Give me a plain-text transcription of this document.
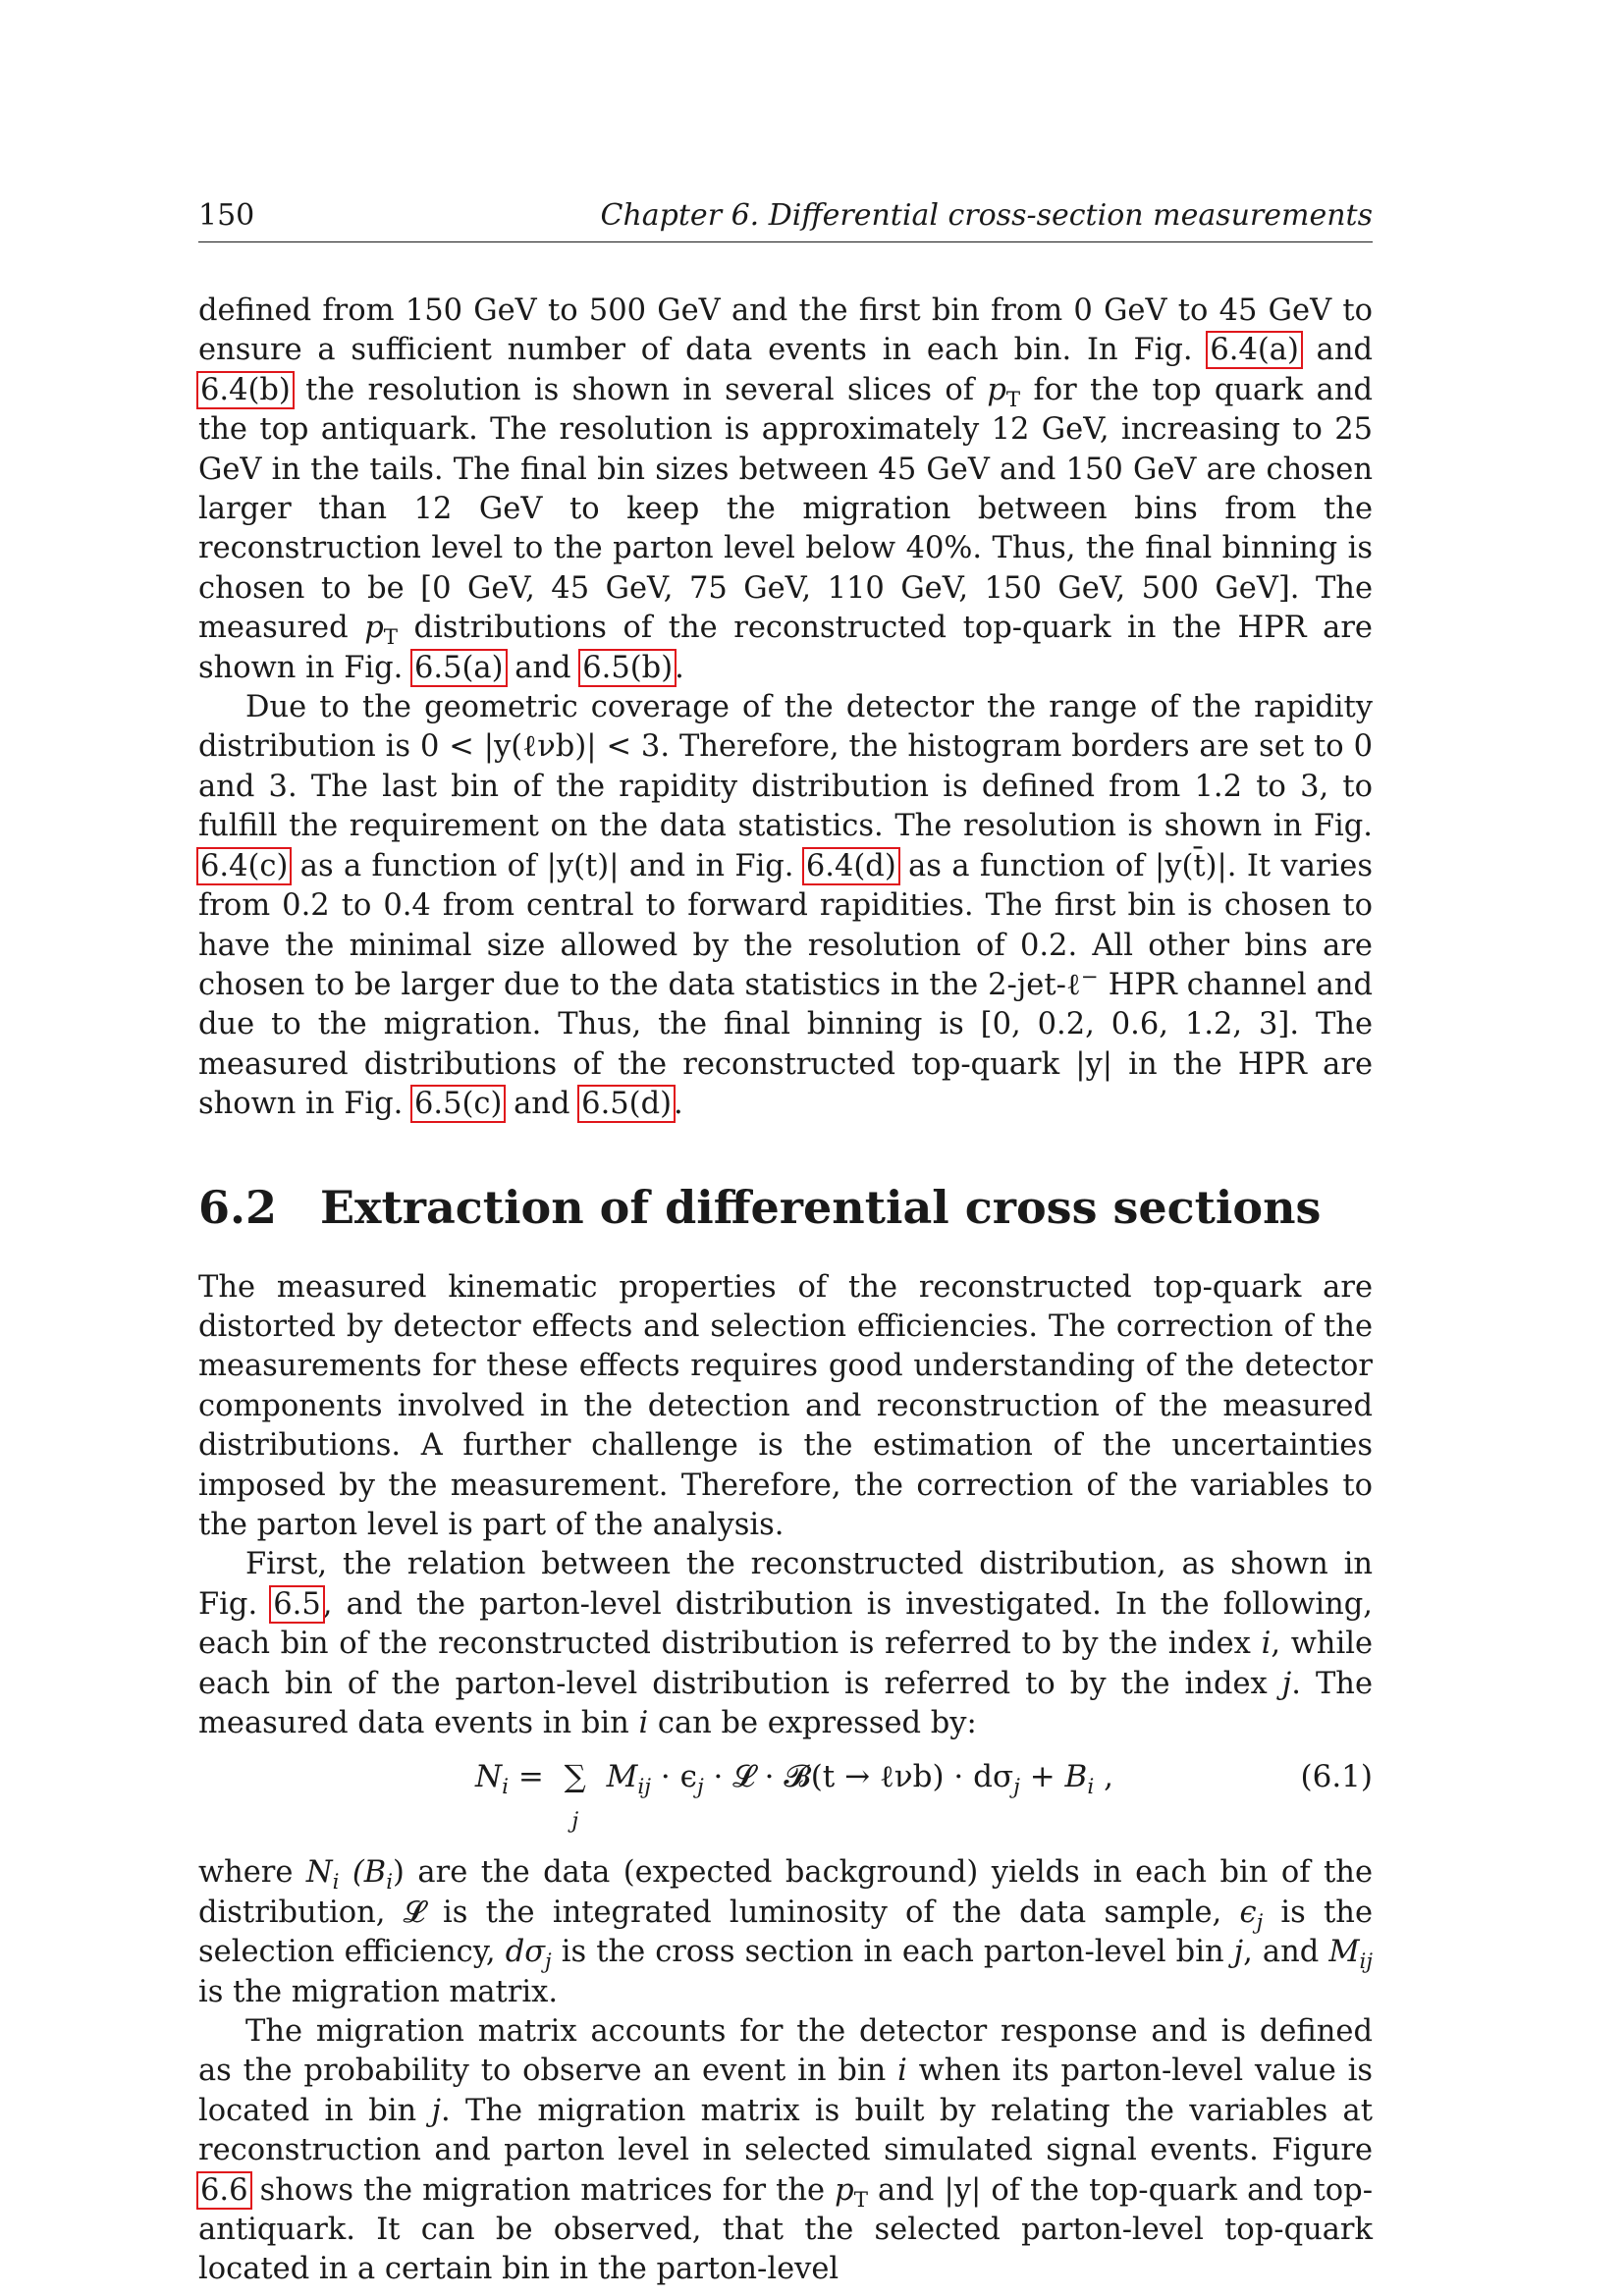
150	Chapter 6. Differential cross-section measurements

defined from 150 GeV to 500 GeV and the first bin from 0 GeV to 45 GeV to ensure a sufficient number of data events in each bin. In Fig. 6.4(a) and 6.4(b) the resolution is shown in several slices of $p_T$ for the top quark and the top antiquark. The resolution is approximately 12 GeV, increasing to 25 GeV in the tails. The final bin sizes between 45 GeV and 150 GeV are chosen larger than 12 GeV to keep the migration between bins from the reconstruction level to the parton level below 40%. Thus, the final binning is chosen to be [0 GeV, 45 GeV, 75 GeV, 110 GeV, 150 GeV, 500 GeV]. The measured $p_T$ distributions of the reconstructed top-quark in the HPR are shown in Fig. 6.5(a) and 6.5(b).

Due to the geometric coverage of the detector the range of the rapidity distribution is 0 < |y(ℓνb)| < 3. Therefore, the histogram borders are set to 0 and 3. The last bin of the rapidity distribution is defined from 1.2 to 3, to fulfill the requirement on the data statistics. The resolution is shown in Fig. 6.4(c) as a function of |y(t)| and in Fig. 6.4(d) as a function of |y(t̄)|. It varies from 0.2 to 0.4 from central to forward rapidities. The first bin is chosen to have the minimal size allowed by the resolution of 0.2. All other bins are chosen to be larger due to the data statistics in the 2-jet-ℓ− HPR channel and due to the migration. Thus, the final binning is [0, 0.2, 0.6, 1.2, 3]. The measured distributions of the reconstructed top-quark |y| in the HPR are shown in Fig. 6.5(c) and 6.5(d).

6.2 Extraction of differential cross sections

The measured kinematic properties of the reconstructed top-quark are distorted by detector effects and selection efficiencies. The correction of the measurements for these effects requires good understanding of the detector components involved in the detection and reconstruction of the measured distributions. A further challenge is the estimation of the uncertainties imposed by the measurement. Therefore, the correction of the variables to the parton level is part of the analysis.

First, the relation between the reconstructed distribution, as shown in Fig. 6.5, and the parton-level distribution is investigated. In the following, each bin of the reconstructed distribution is referred to by the index i, while each bin of the parton-level distribution is referred to by the index j. The measured data events in bin i can be expressed by:

$N_i$ = ∑
j
$M_{ij} \cdot \epsilon_j$ · 𝓛 · 𝓑(t → ℓνb) · $d\sigma_j + B_i$ ,	(6.1)

where $N_i$ $(B_i)$ are the data (expected background) yields in each bin of the distribution, 𝓛 is the integrated luminosity of the data sample, $\epsilon_j$ is the selection efficiency, $d\sigma_j$ is the cross section in each parton-level bin j, and $M_{ij}$ is the migration matrix.

The migration matrix accounts for the detector response and is defined as the probability to observe an event in bin i when its parton-level value is located in bin j. The migration matrix is built by relating the variables at reconstruction and parton level in selected simulated signal events. Figure 6.6 shows the migration matrices for the $p_T$ and |y| of the top-quark and top-antiquark. It can be observed, that the selected parton-level top-quark located in a certain bin in the parton-level
